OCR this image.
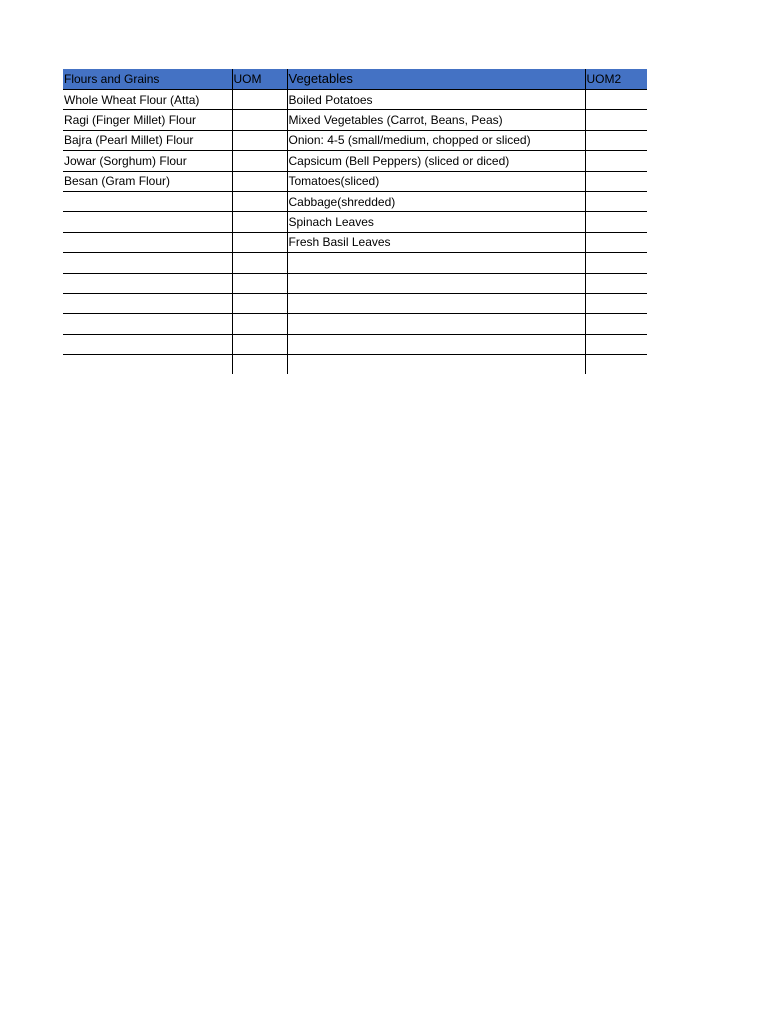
Flours and Grains	UOM	Vegetables	UOM2
Whole Wheat Flour (Atta)		Boiled Potatoes	
Ragi (Finger Millet) Flour		Mixed Vegetables (Carrot, Beans, Peas)	
Bajra (Pearl Millet) Flour		Onion: 4-5 (small/medium, chopped or sliced)	
Jowar (Sorghum) Flour		Capsicum (Bell Peppers) (sliced or diced)	
Besan (Gram Flour)		Tomatoes(sliced)	
		Cabbage(shredded)	
		Spinach Leaves	
		Fresh Basil Leaves	
